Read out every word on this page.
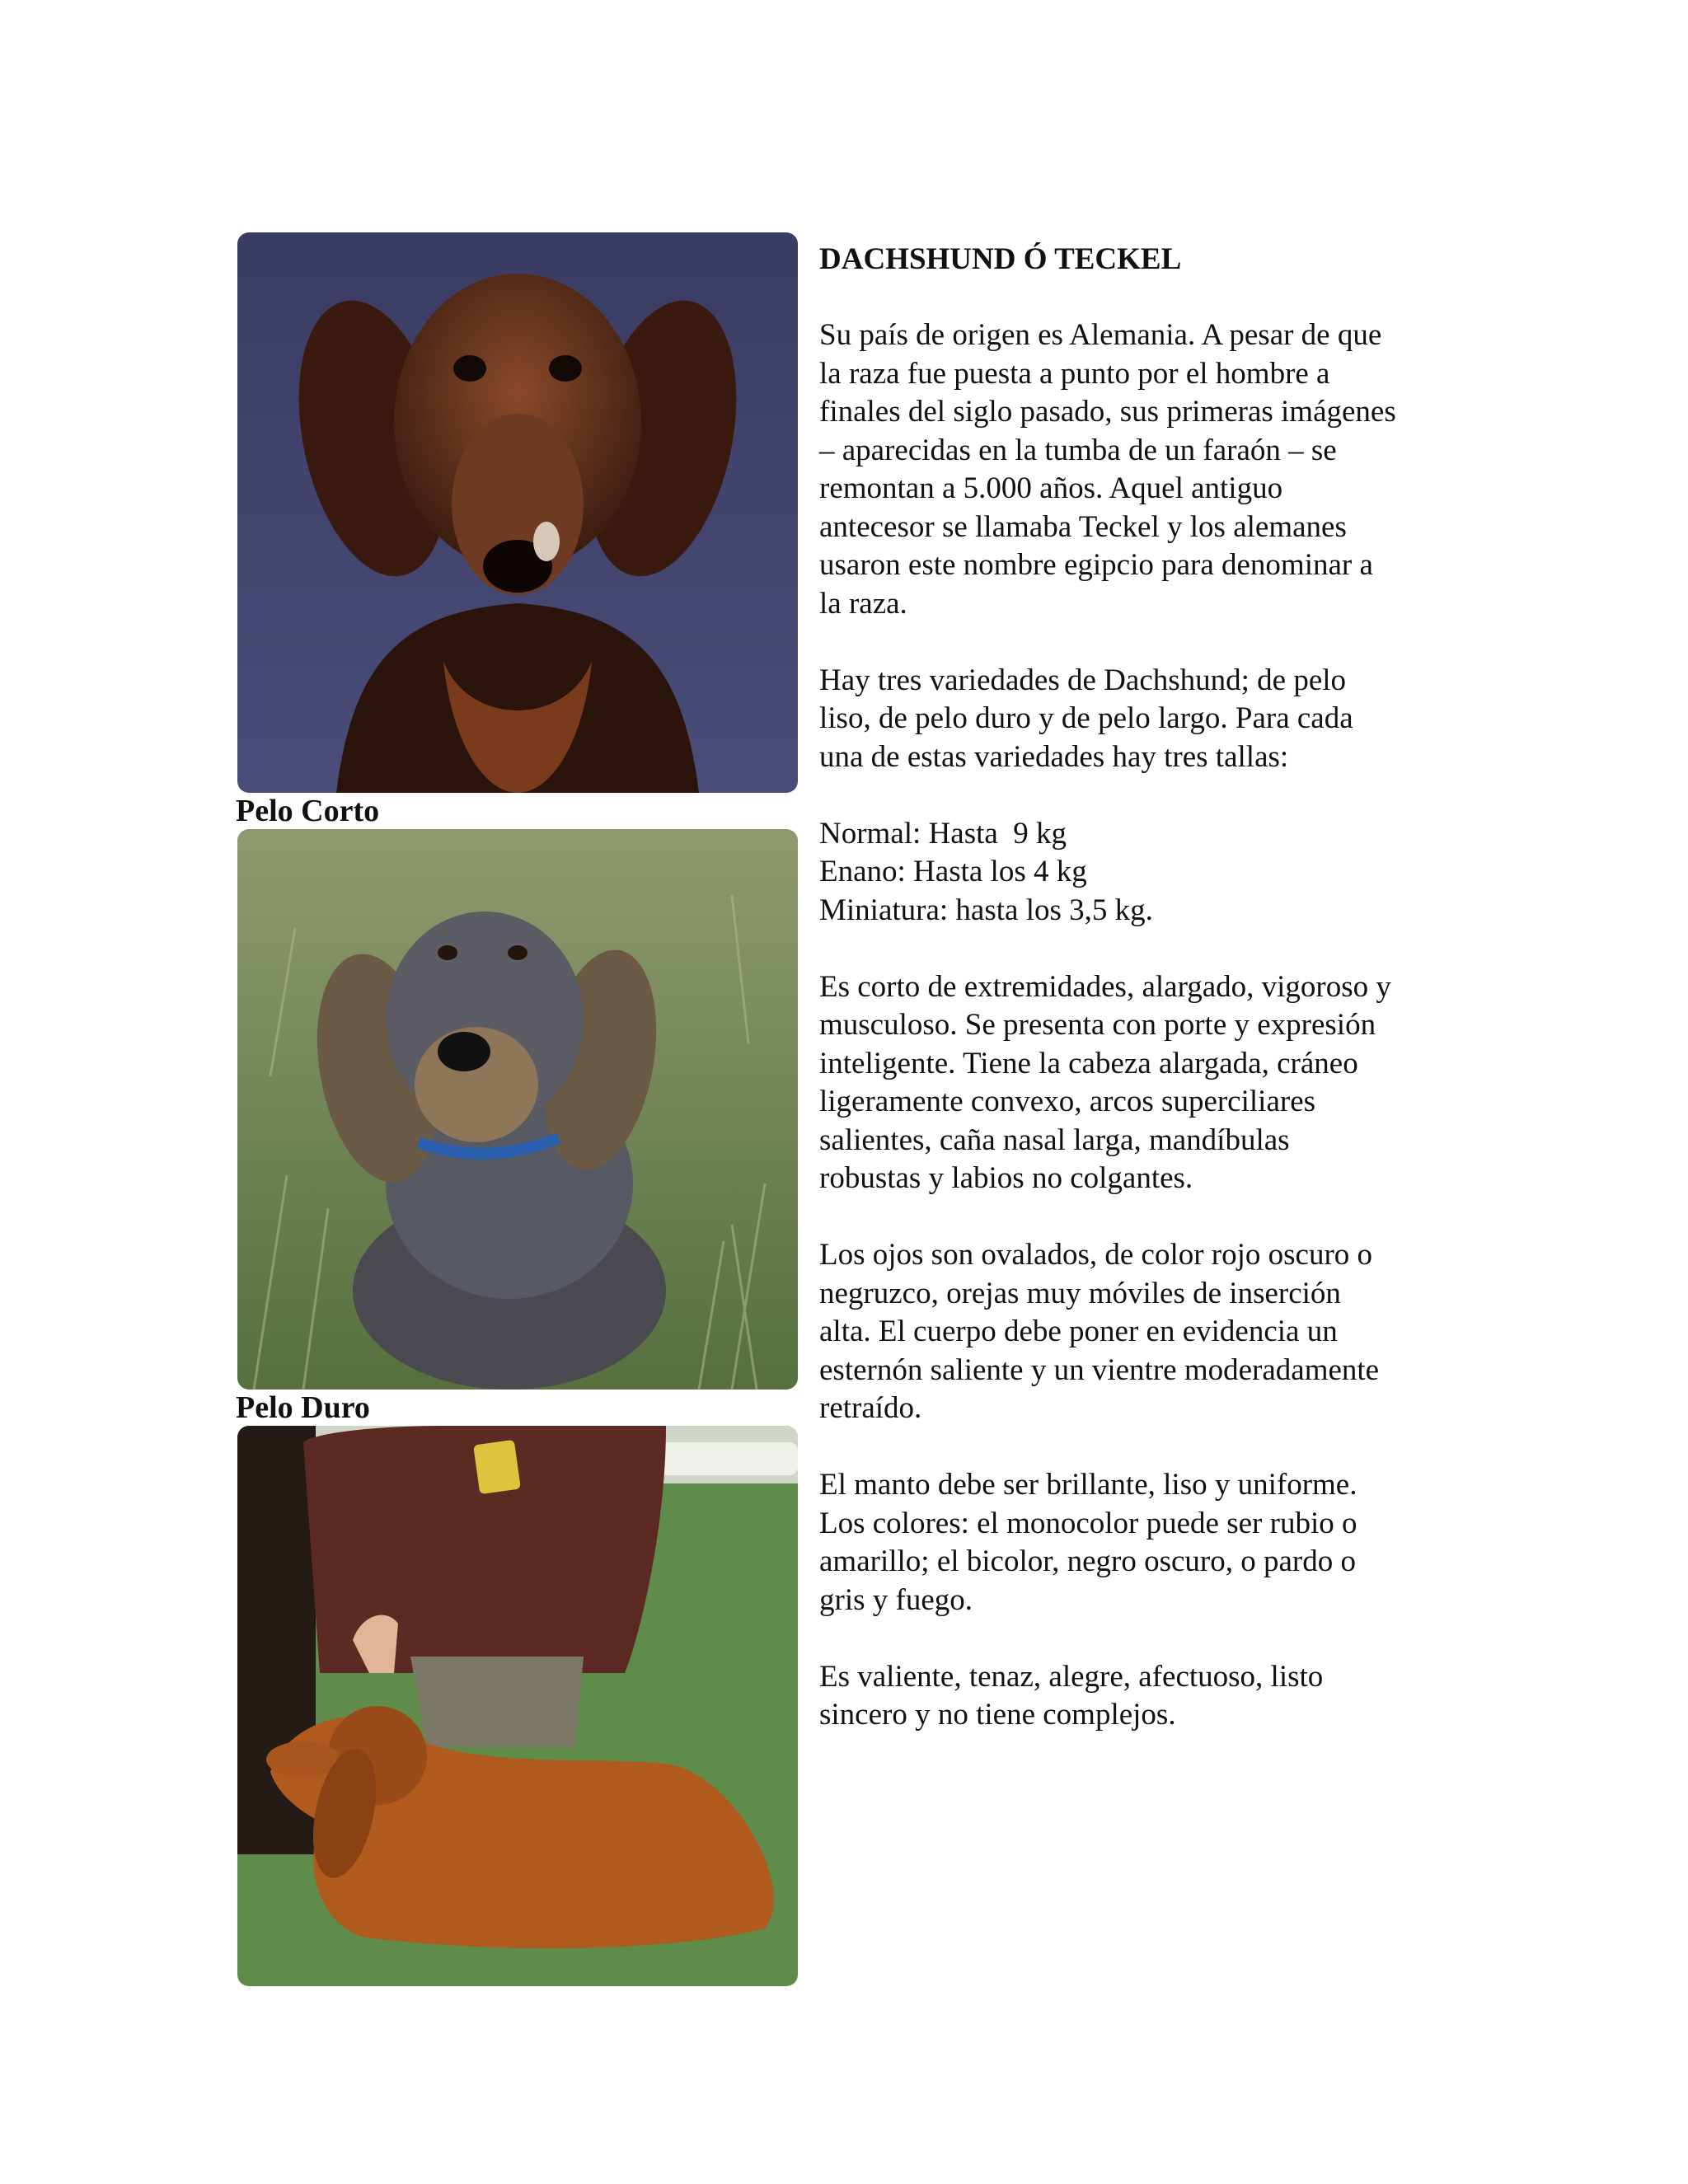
Pelo Corto
Pelo Duro
DACHSHUND Ó TECKEL

Su país de origen es Alemania. A pesar de que
la raza fue puesta a punto por el hombre a
finales del siglo pasado, sus primeras imágenes
– aparecidas en la tumba de un faraón – se
remontan a 5.000 años. Aquel antiguo
antecesor se llamaba Teckel y los alemanes
usaron este nombre egipcio para denominar a
la raza.

Hay tres variedades de Dachshund; de pelo
liso, de pelo duro y de pelo largo. Para cada
una de estas variedades hay tres tallas:

Normal: Hasta  9 kg
Enano: Hasta los 4 kg
Miniatura: hasta los 3,5 kg.

Es corto de extremidades, alargado, vigoroso y
musculoso. Se presenta con porte y expresión
inteligente. Tiene la cabeza alargada, cráneo
ligeramente convexo, arcos superciliares
salientes, caña nasal larga, mandíbulas
robustas y labios no colgantes.

Los ojos son ovalados, de color rojo oscuro o
negruzco, orejas muy móviles de inserción
alta. El cuerpo debe poner en evidencia un
esternón saliente y un vientre moderadamente
retraído.

El manto debe ser brillante, liso y uniforme.
Los colores: el monocolor puede ser rubio o
amarillo; el bicolor, negro oscuro, o pardo o
gris y fuego.

Es valiente, tenaz, alegre, afectuoso, listo
sincero y no tiene complejos.
